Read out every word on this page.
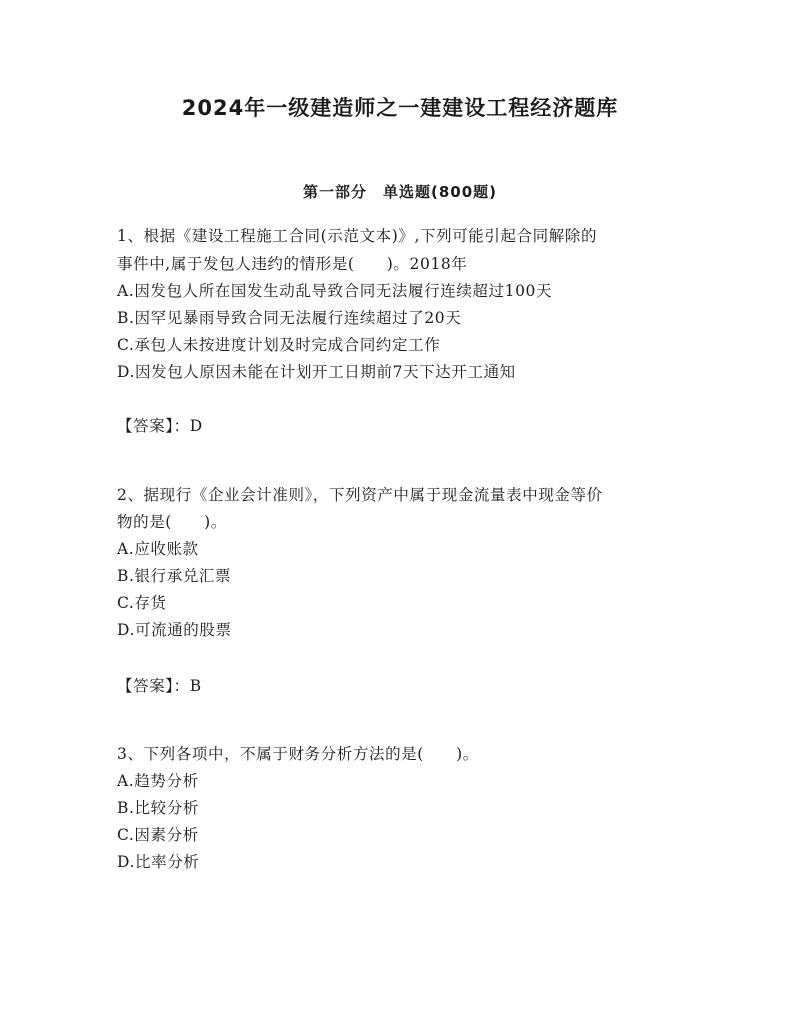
2024年一级建造师之一建建设工程经济题库
第一部分　单选题(800题)
1、根据《建设工程施工合同(示范文本)》,下列可能引起合同解除的
事件中,属于发包人违约的情形是(　　)。2018年
A.因发包人所在国发生动乱导致合同无法履行连续超过100天
B.因罕见暴雨导致合同无法履行连续超过了20天
C.承包人未按进度计划及时完成合同约定工作
D.因发包人原因未能在计划开工日期前7天下达开工通知
【答案】：D
2、据现行《企业会计准则》，下列资产中属于现金流量表中现金等价
物的是(　　)。
A.应收账款
B.银行承兑汇票
C.存货
D.可流通的股票
【答案】：B
3、下列各项中，不属于财务分析方法的是(　　)。
A.趋势分析
B.比较分析
C.因素分析
D.比率分析
